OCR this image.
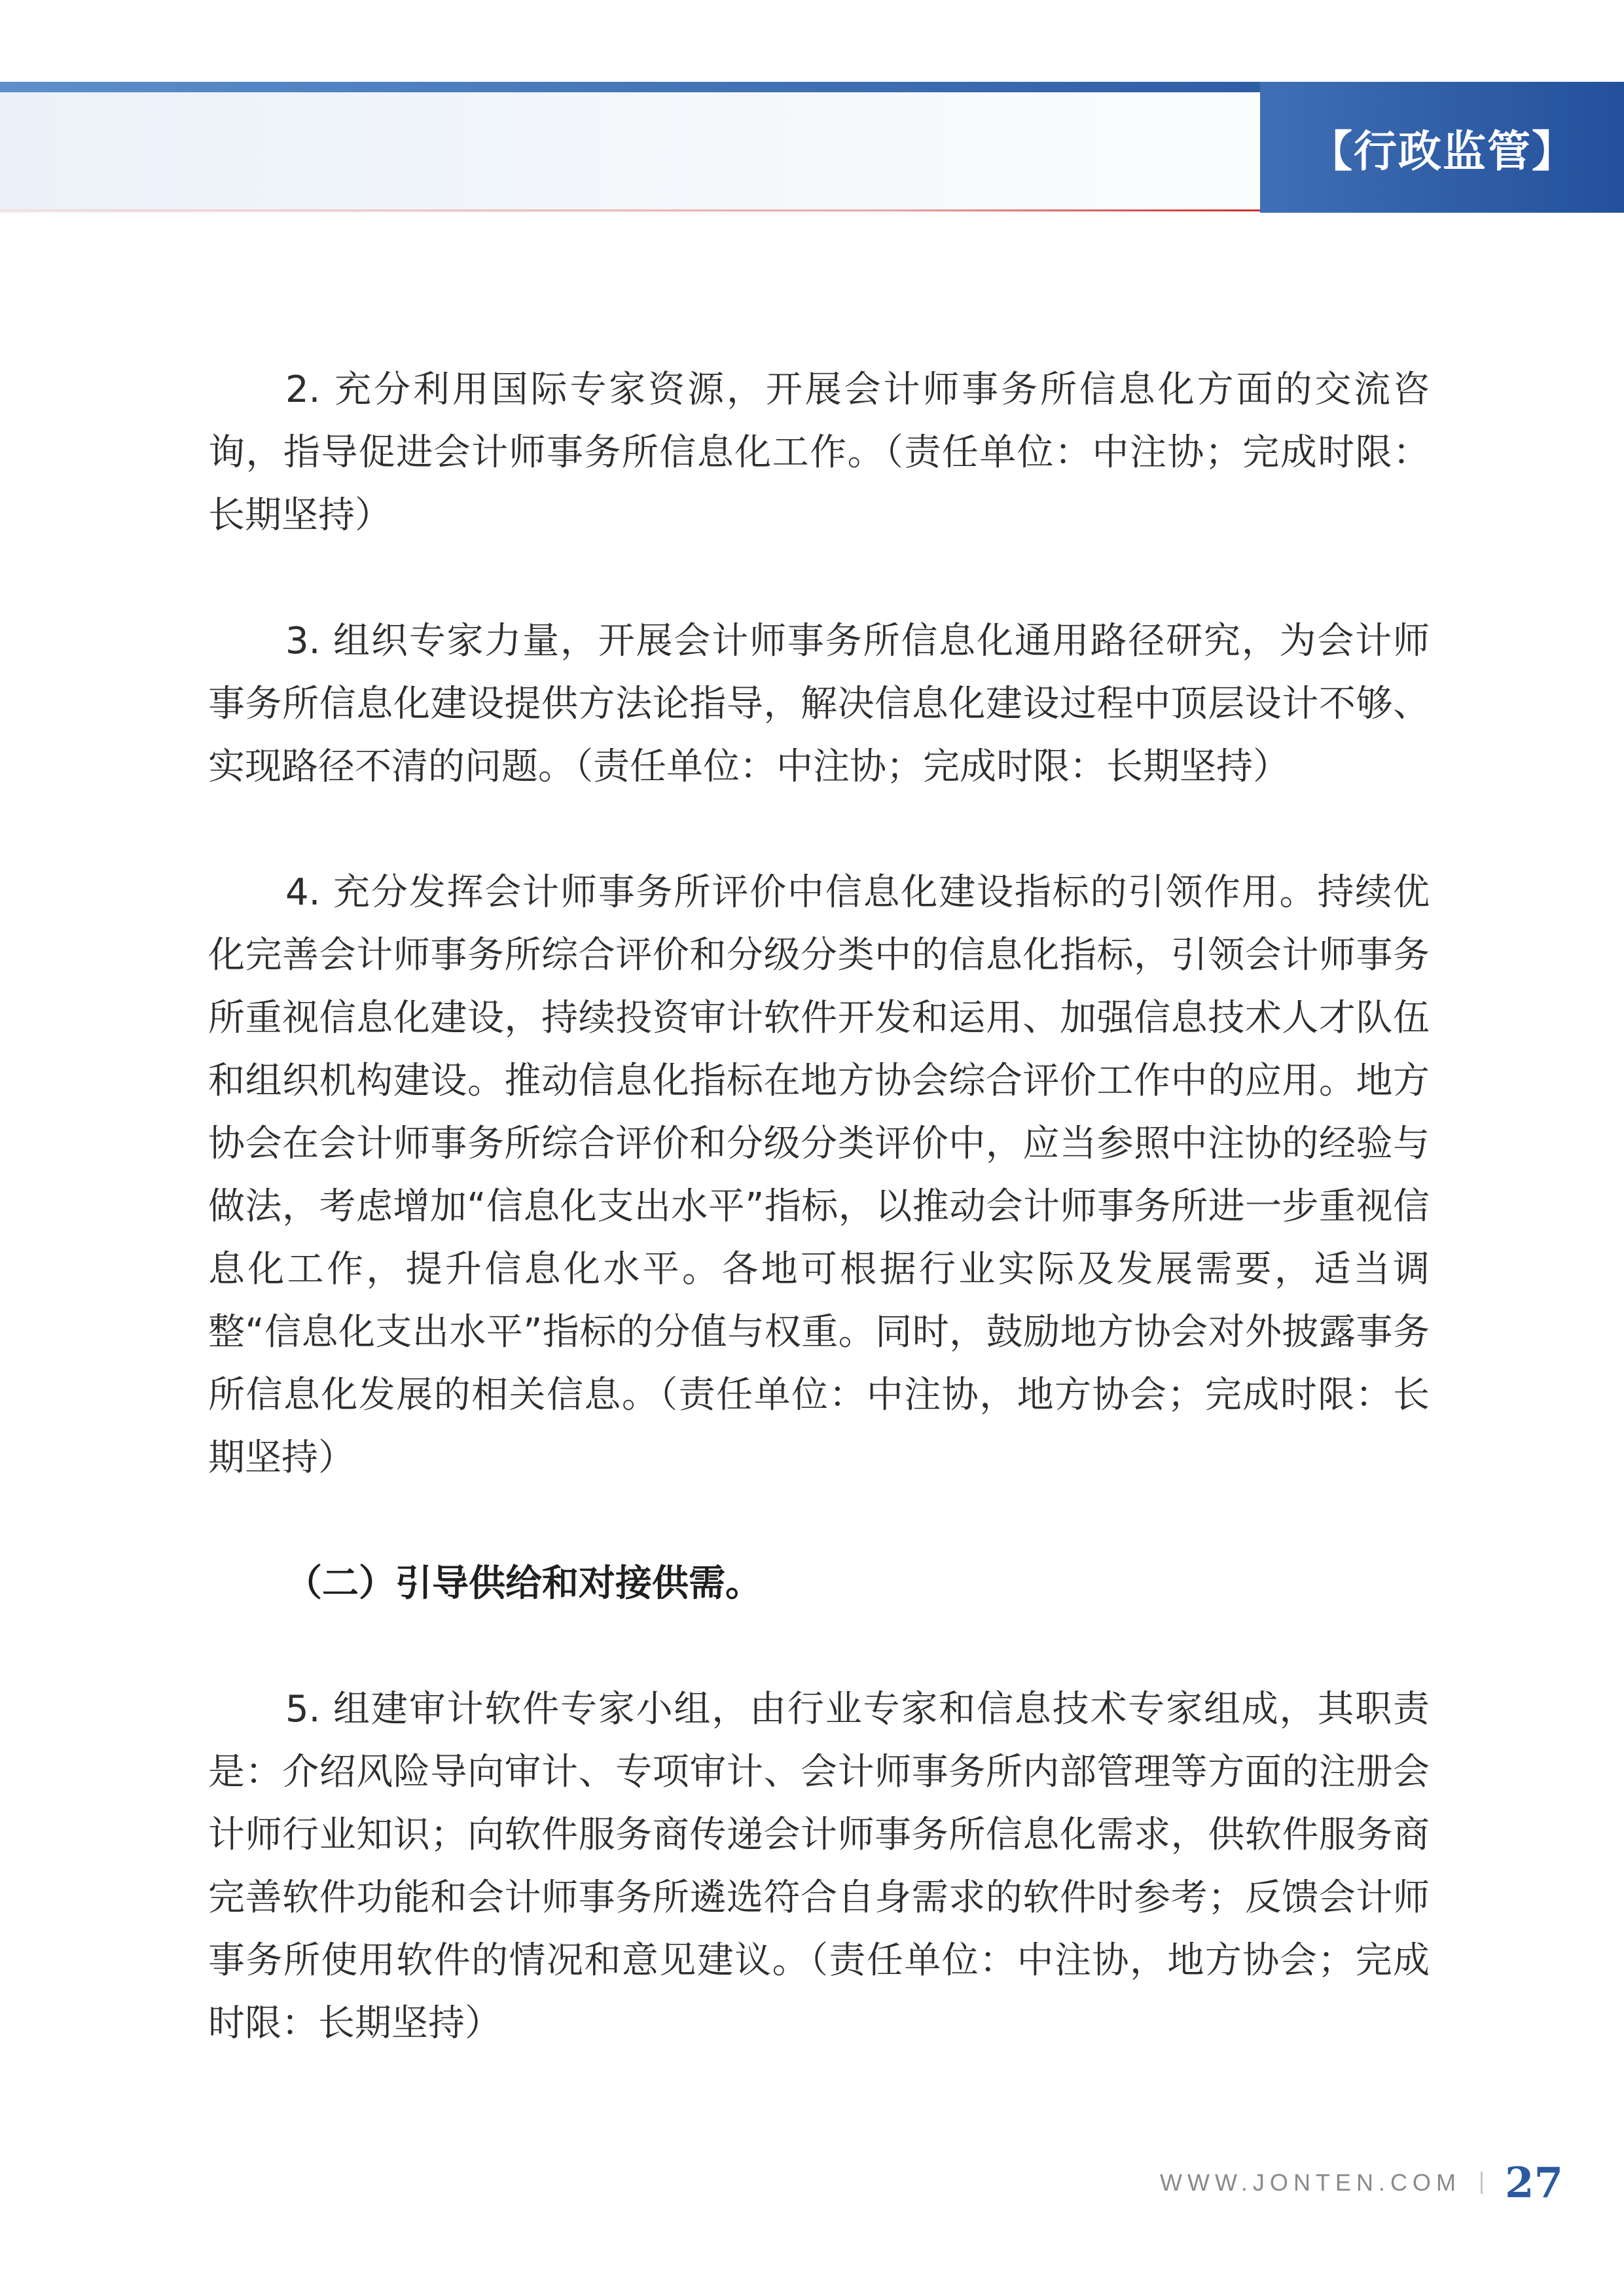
【行政监管】

2. 充分利用国际专家资源，开展会计师事务所信息化方面的交流咨询，指导促进会计师事务所信息化工作。（责任单位：中注协；完成时限：长期坚持）

3. 组织专家力量，开展会计师事务所信息化通用路径研究，为会计师事务所信息化建设提供方法论指导，解决信息化建设过程中顶层设计不够、实现路径不清的问题。（责任单位：中注协；完成时限：长期坚持）

4. 充分发挥会计师事务所评价中信息化建设指标的引领作用。持续优化完善会计师事务所综合评价和分级分类中的信息化指标，引领会计师事务所重视信息化建设，持续投资审计软件开发和运用、加强信息技术人才队伍和组织机构建设。推动信息化指标在地方协会综合评价工作中的应用。地方协会在会计师事务所综合评价和分级分类评价中，应当参照中注协的经验与做法，考虑增加“信息化支出水平”指标，以推动会计师事务所进一步重视信息化工作，提升信息化水平。各地可根据行业实际及发展需要，适当调整“信息化支出水平”指标的分值与权重。同时，鼓励地方协会对外披露事务所信息化发展的相关信息。（责任单位：中注协，地方协会；完成时限：长期坚持）

（二）引导供给和对接供需。

5. 组建审计软件专家小组，由行业专家和信息技术专家组成，其职责是：介绍风险导向审计、专项审计、会计师事务所内部管理等方面的注册会计师行业知识；向软件服务商传递会计师事务所信息化需求，供软件服务商完善软件功能和会计师事务所遴选符合自身需求的软件时参考；反馈会计师事务所使用软件的情况和意见建议。（责任单位：中注协，地方协会；完成时限：长期坚持）

WWW.JONTEN.COM 27
